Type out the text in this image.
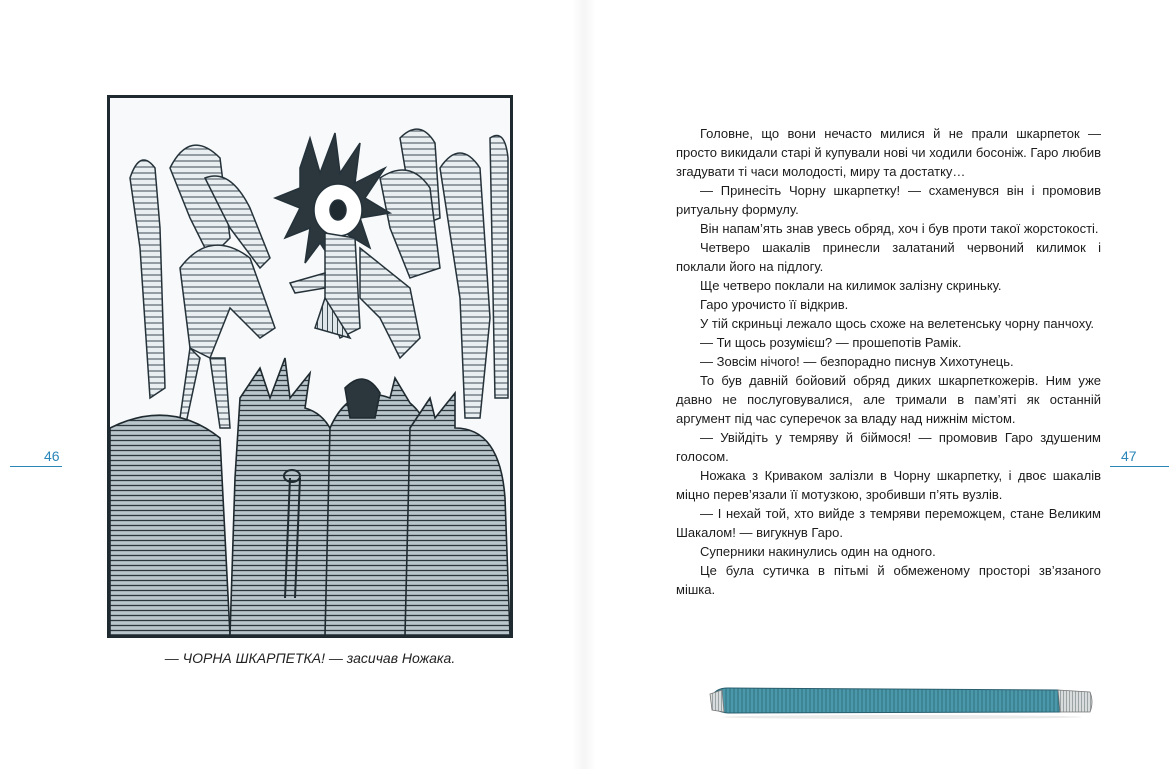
46
— ЧОРНА ШКАРПЕТКА! — засичав Ножака.
47

Головне, що вони нечасто милися й не прали шкарпеток — просто викидали старі й купували нові чи ходили босоніж. Гаро любив згадувати ті часи молодості, миру та достатку…

— Принесіть Чорну шкарпетку! — схаменувся він і промовив ритуальну формулу.

Він напам’ять знав увесь обряд, хоч і був проти такої жорстокості.

Четверо шакалів принесли залатаний червоний килимок і поклали його на підлогу.

Ще четверо поклали на килимок залізну скриньку.

Гаро урочисто її відкрив.

У тій скриньці лежало щось схоже на велетенську чорну панчоху.

— Ти щось розумієш? — прошепотів Рамік.

— Зовсім нічого! — безпорадно писнув Хихотунець.

То був давній бойовий обряд диких шкарпеткожерів. Ним уже давно не послуговувалися, але тримали в пам’яті як останній аргумент під час суперечок за владу над нижнім містом.

— Увійдіть у темряву й біймося! — промовив Гаро здушеним голосом.

Ножака з Криваком залізли в Чорну шкарпетку, і двоє шакалів міцно перев’язали її мотузкою, зробивши п’ять вузлів.

— І нехай той, хто вийде з темряви переможцем, стане Великим Шакалом! — вигукнув Гаро.

Суперники накинулись один на одного.

Це була сутичка в пітьмі й обмеженому просторі зв’язаного мішка.
